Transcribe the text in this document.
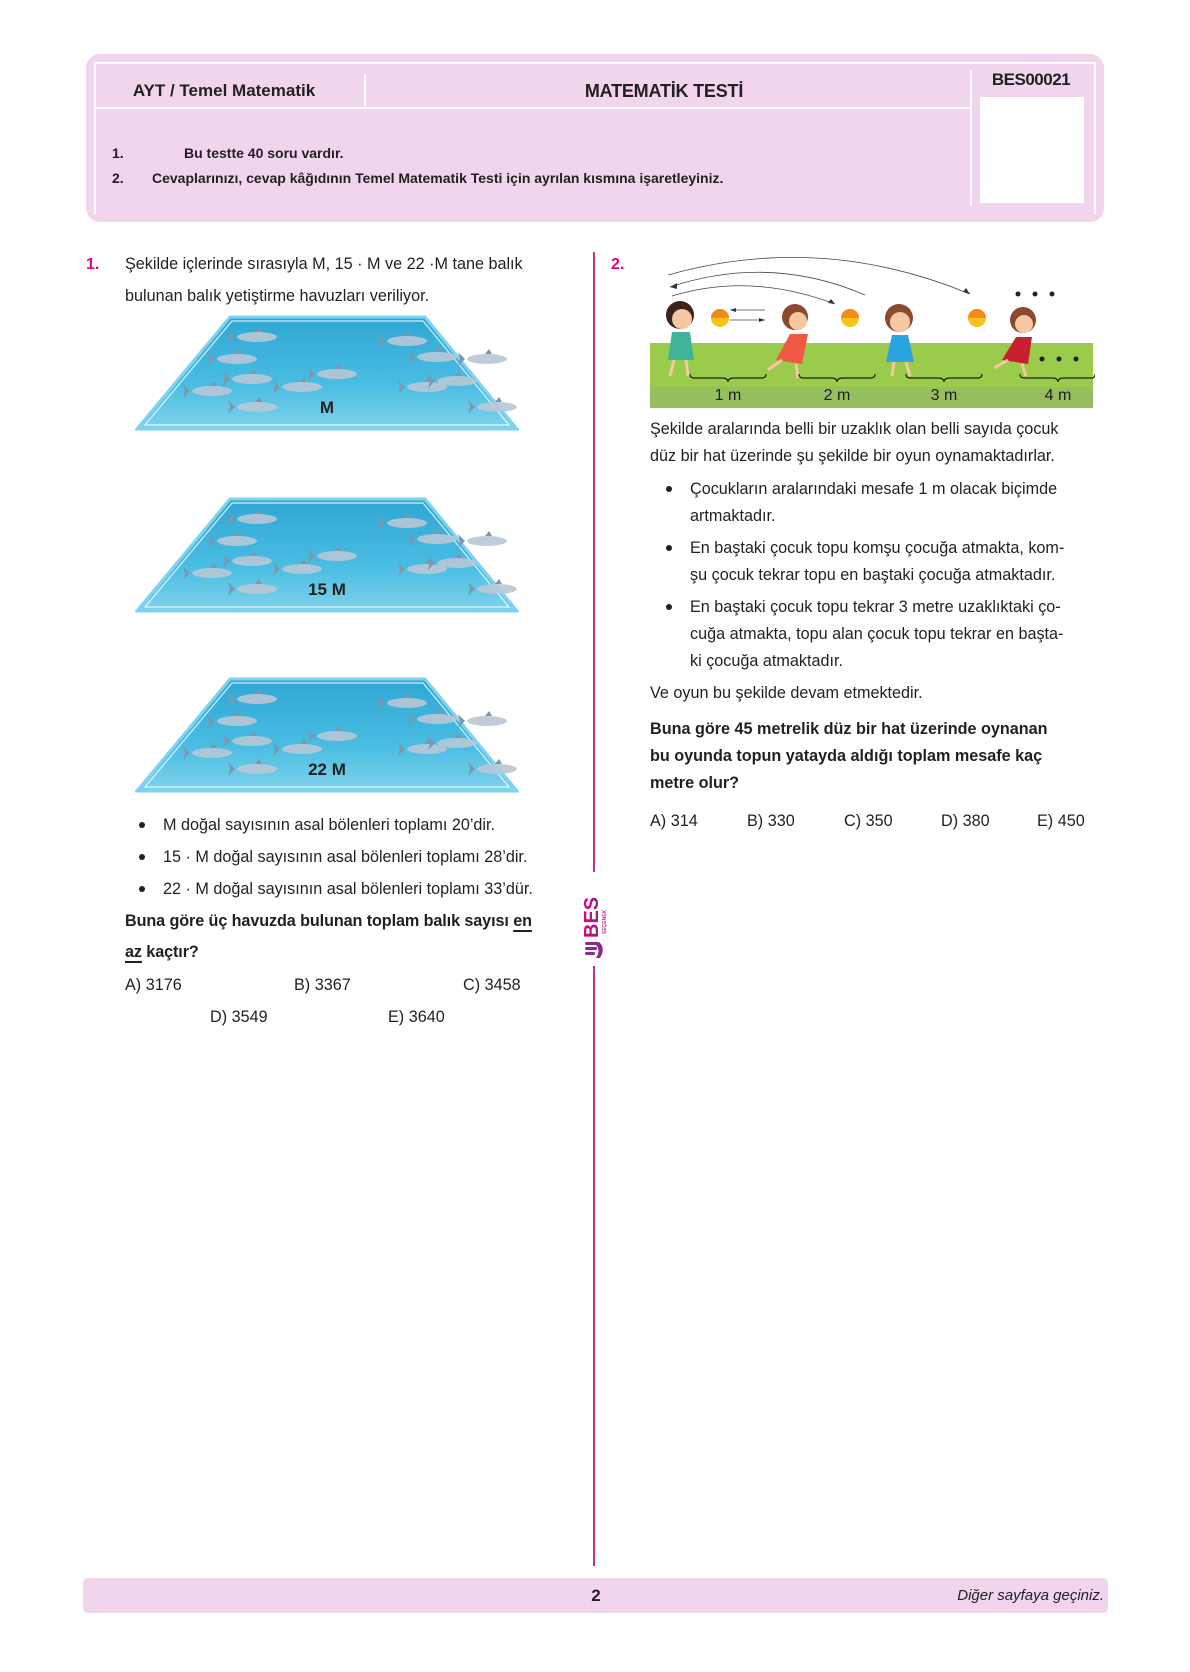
AYT / Temel Matematik	MATEMATİK TESTİ
BES00021
1.	Bu testte 40 soru vardır.
2. Cevaplarınızı, cevap kâğıdının Temel Matematik Testi için ayrılan kısmına işaretleyiniz.
BES SEÇENEK
1. Şekilde içlerinde sırasıyla M, 15 · M ve 22 ·M tane balık
bulunan balık yetiştirme havuzları veriliyor.
M
15 M
22 M
M doğal sayısının asal bölenleri toplamı 20’dir.
15 · M doğal sayısının asal bölenleri toplamı 28’dir.
22 · M doğal sayısının asal bölenleri toplamı 33’dür.
Buna göre üç havuzda bulunan toplam balık sayısı en
az kaçtır?
A) 3176	B) 3367	C) 3458
D) 3549	E) 3640
2.
1 m	2 m	3 m	4 m
Şekilde aralarında belli bir uzaklık olan belli sayıda çocuk
düz bir hat üzerinde şu şekilde bir oyun oynamaktadırlar.
Çocukların aralarındaki mesafe 1 m olacak biçimde
artmaktadır.
En baştaki çocuk topu komşu çocuğa atmakta, kom-
şu çocuk tekrar topu en baştaki çocuğa atmaktadır.
En baştaki çocuk topu tekrar 3 metre uzaklıktaki ço-
cuğa atmakta, topu alan çocuk topu tekrar en başta-
ki çocuğa atmaktadır.
Ve oyun bu şekilde devam etmektedir.
Buna göre 45 metrelik düz bir hat üzerinde oynanan
bu oyunda topun yatayda aldığı toplam mesafe kaç
metre olur?
A) 314	B) 330	C) 350	D) 380	E) 450
2	Diğer sayfaya geçiniz.
